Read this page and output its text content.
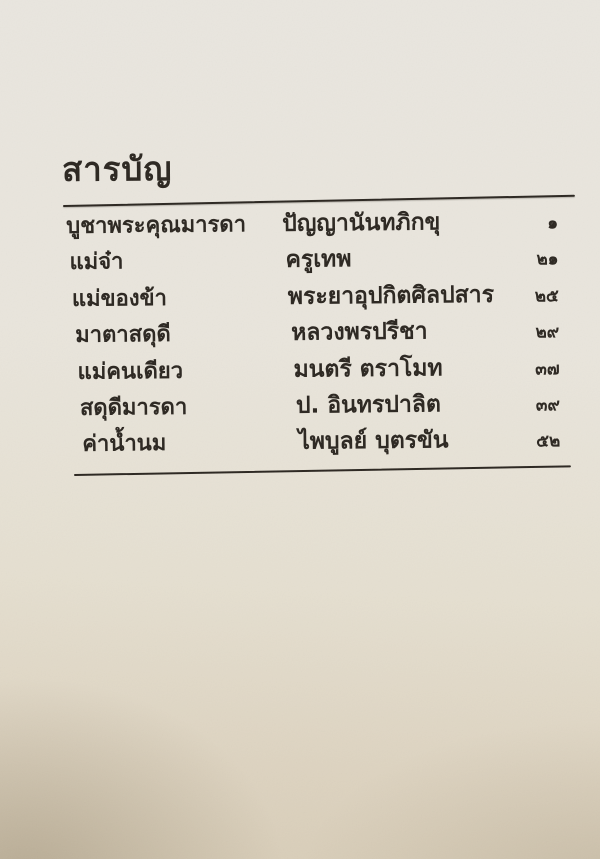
สารบัญ
บูชาพระคุณมารดา	ปัญญานันทภิกขุ	๑
แม่จ๋า	ครูเทพ	๒๑
แม่ของข้า	พระยาอุปกิตศิลปสาร	๒๕
มาตาสดุดี	หลวงพรปรีชา	๒๙
แม่คนเดียว	มนตรี ตราโมท	๓๗
สดุดีมารดา	ป. อินทรปาลิต	๓๙
ค่าน้ำนม	ไพบูลย์ บุตรขัน	๕๒
